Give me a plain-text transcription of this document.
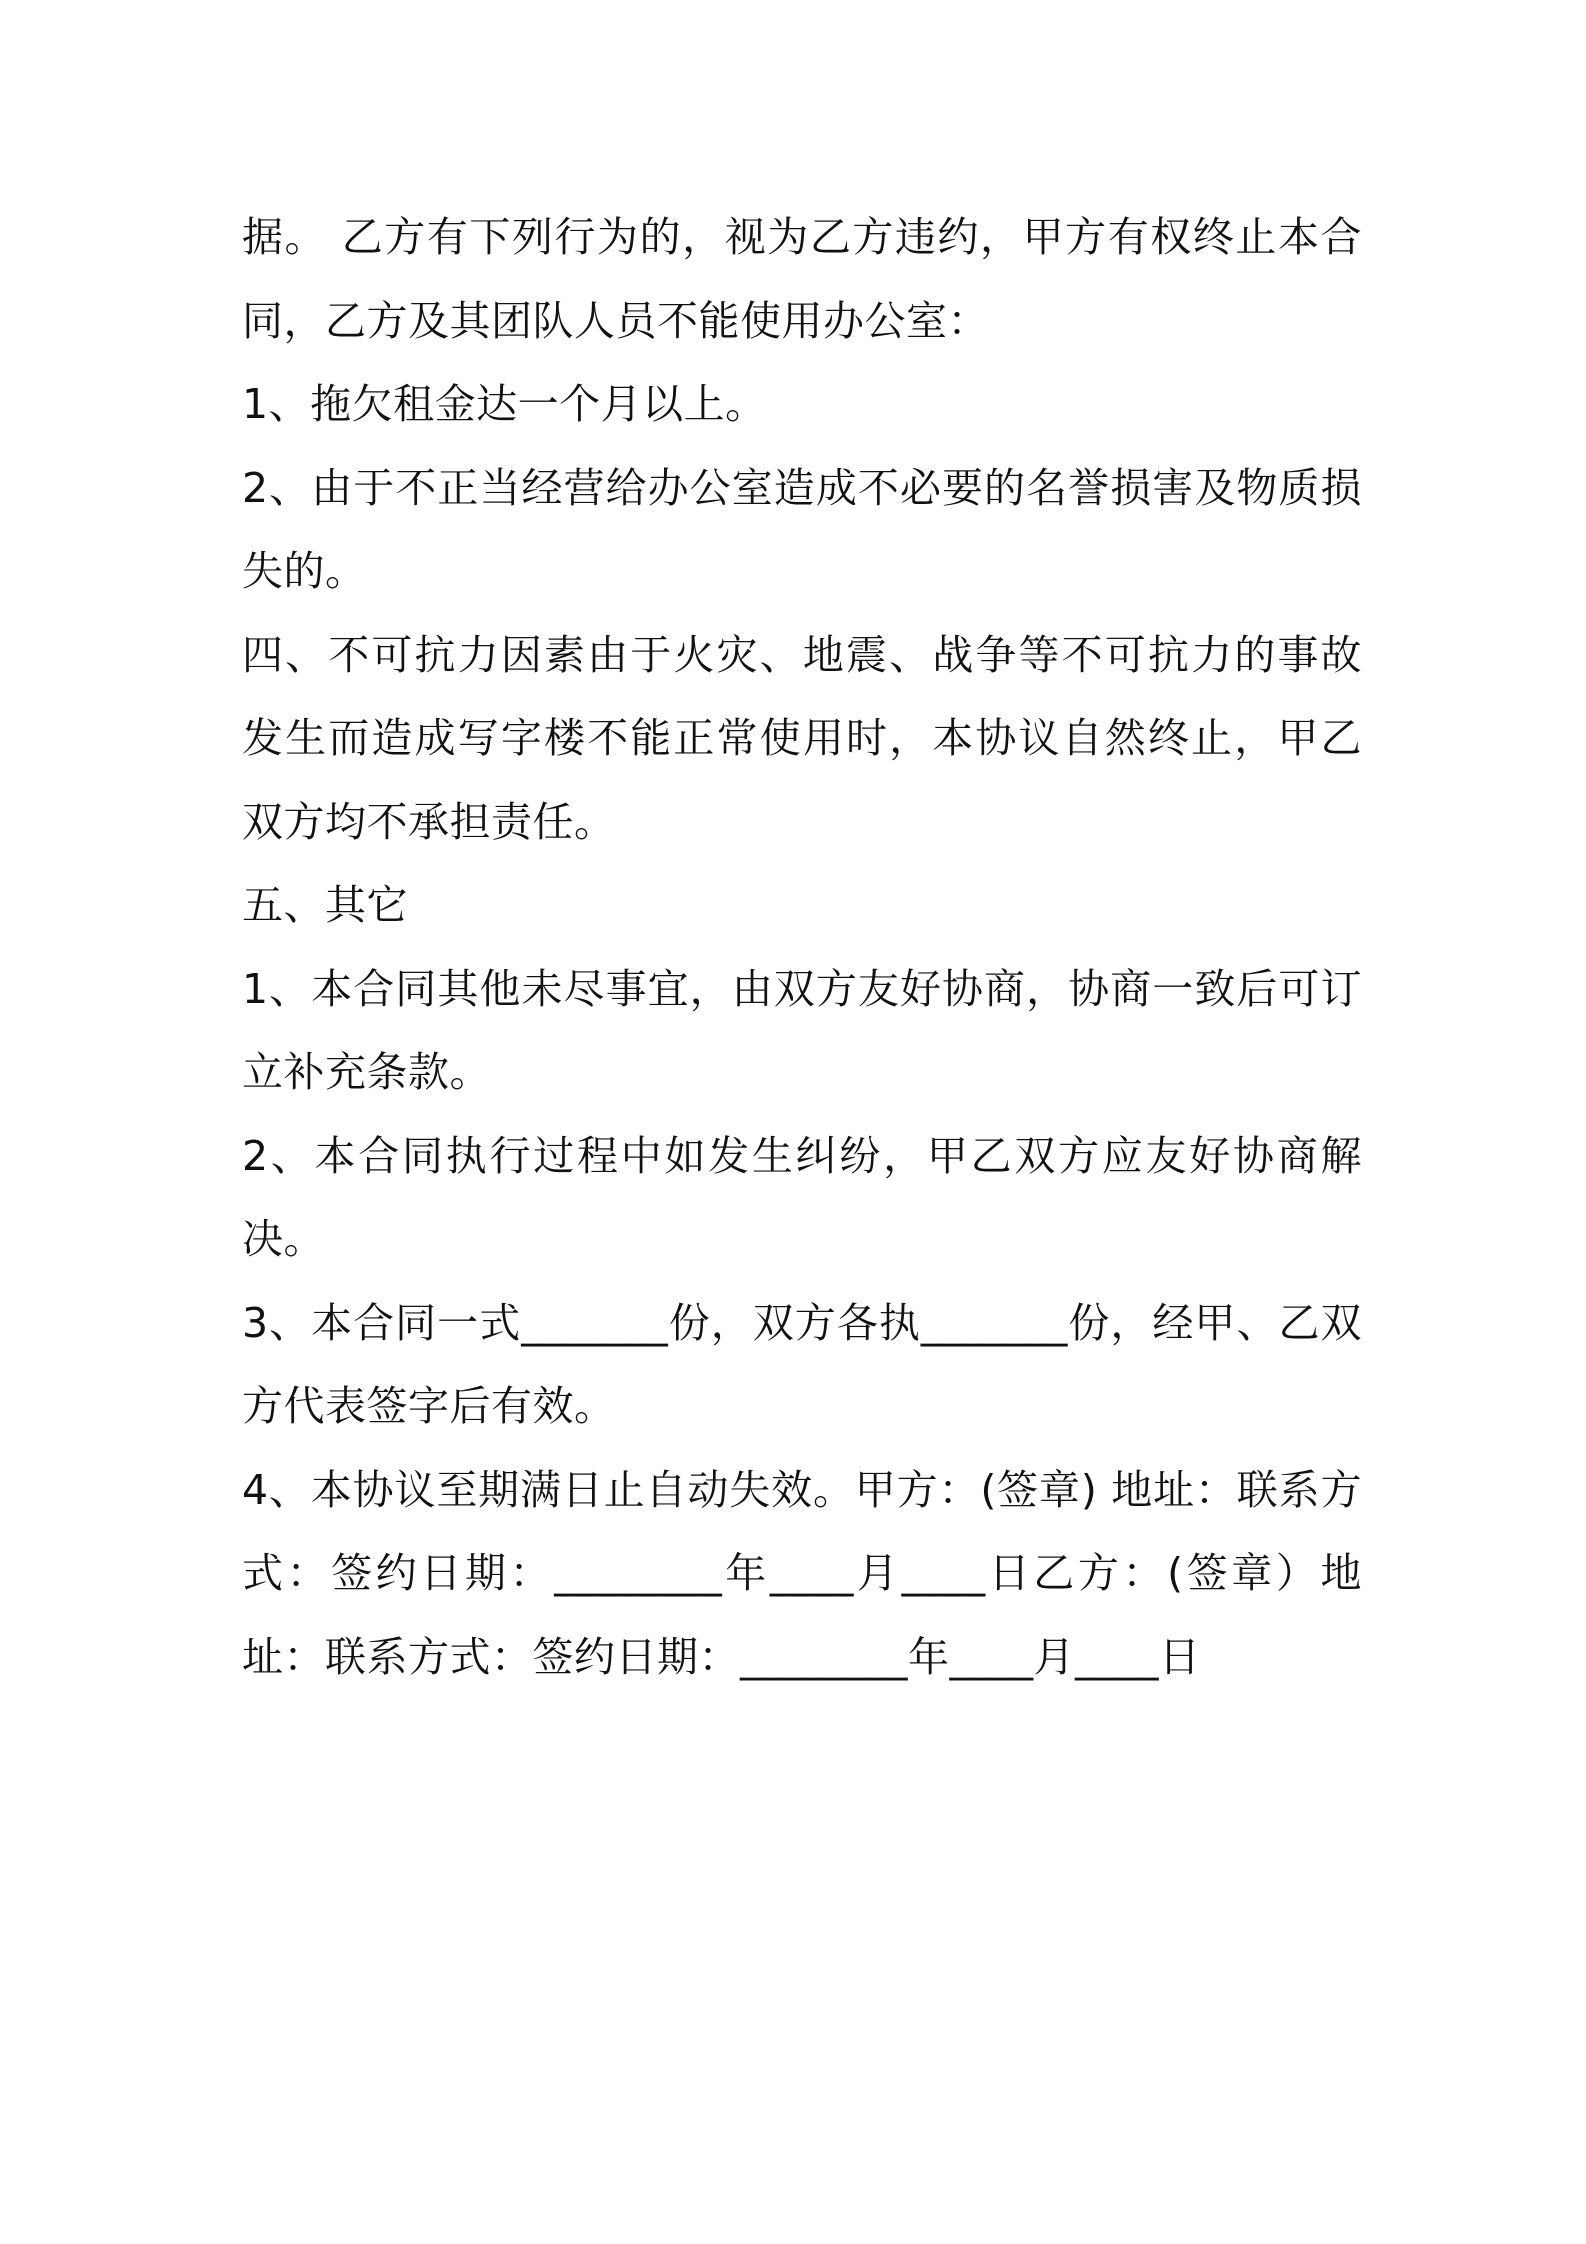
据。 乙方有下列行为的，视为乙方违约，甲方有权终止本合同，乙方及其团队人员不能使用办公室：

1、拖欠租金达一个月以上。

2、由于不正当经营给办公室造成不必要的名誉损害及物质损失的。

四、不可抗力因素由于火灾、地震、战争等不可抗力的事故发生而造成写字楼不能正常使用时，本协议自然终止，甲乙双方均不承担责任。

五、其它

1、本合同其他未尽事宜，由双方友好协商，协商一致后可订立补充条款。

2、本合同执行过程中如发生纠纷，甲乙双方应友好协商解决。

3、本合同一式_______份，双方各执_______份，经甲、乙双方代表签字后有效。

4、本协议至期满日止自动失效。甲方：(签章) 地址：联系方式：签约日期：________年____月____日乙方：(签章）地址：联系方式：签约日期：________年____月____日
